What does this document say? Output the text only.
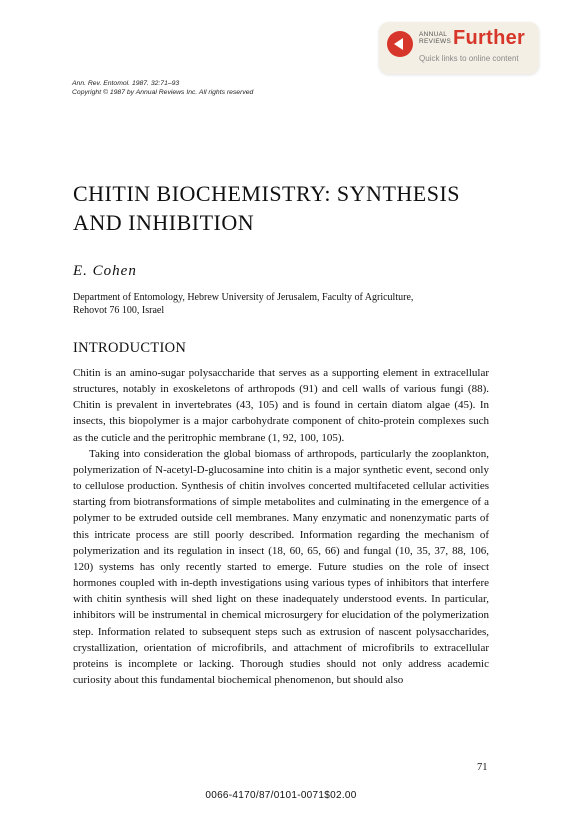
ANNUAL
REVIEWS Further
Quick links to online content
Ann. Rev. Entomol. 1987. 32:71–93
Copyright © 1987 by Annual Reviews Inc. All rights reserved
CHITIN BIOCHEMISTRY: SYNTHESIS
AND INHIBITION
E. Cohen
Department of Entomology, Hebrew University of Jerusalem, Faculty of Agriculture,
Rehovot 76 100, Israel
INTRODUCTION

Chitin is an amino-sugar polysaccharide that serves as a supporting element in extracellular structures, notably in exoskeletons of arthropods (91) and cell walls of various fungi (88). Chitin is prevalent in invertebrates (43, 105) and is found in certain diatom algae (45). In insects, this biopolymer is a major carbohydrate component of chito-protein complexes such as the cuticle and the peritrophic membrane (1, 92, 100, 105).

Taking into consideration the global biomass of arthropods, particularly the zooplankton, polymerization of N-acetyl-D-glucosamine into chitin is a major synthetic event, second only to cellulose production. Synthesis of chitin involves concerted multifaceted cellular activities starting from biotransformations of simple metabolites and culminating in the emergence of a polymer to be extruded outside cell membranes. Many enzymatic and nonenzymatic parts of this intricate process are still poorly described. Information regarding the mechanism of polymerization and its regulation in insect (18, 60, 65, 66) and fungal (10, 35, 37, 88, 106, 120) systems has only recently started to emerge. Future studies on the role of insect hormones coupled with in-depth investigations using various types of inhibitors that interfere with chitin synthesis will shed light on these inadequately understood events. In particular, inhibitors will be instrumental in chemical microsurgery for elucidation of the polymerization step. Information related to subsequent steps such as extrusion of nascent polysaccharides, crystallization, orientation of microfibrils, and attachment of microfibrils to extracellular proteins is incomplete or lacking. Thorough studies should not only address academic curiosity about this fundamental biochemical phenomenon, but should also

71
0066-4170/87/0101-0071$02.00
